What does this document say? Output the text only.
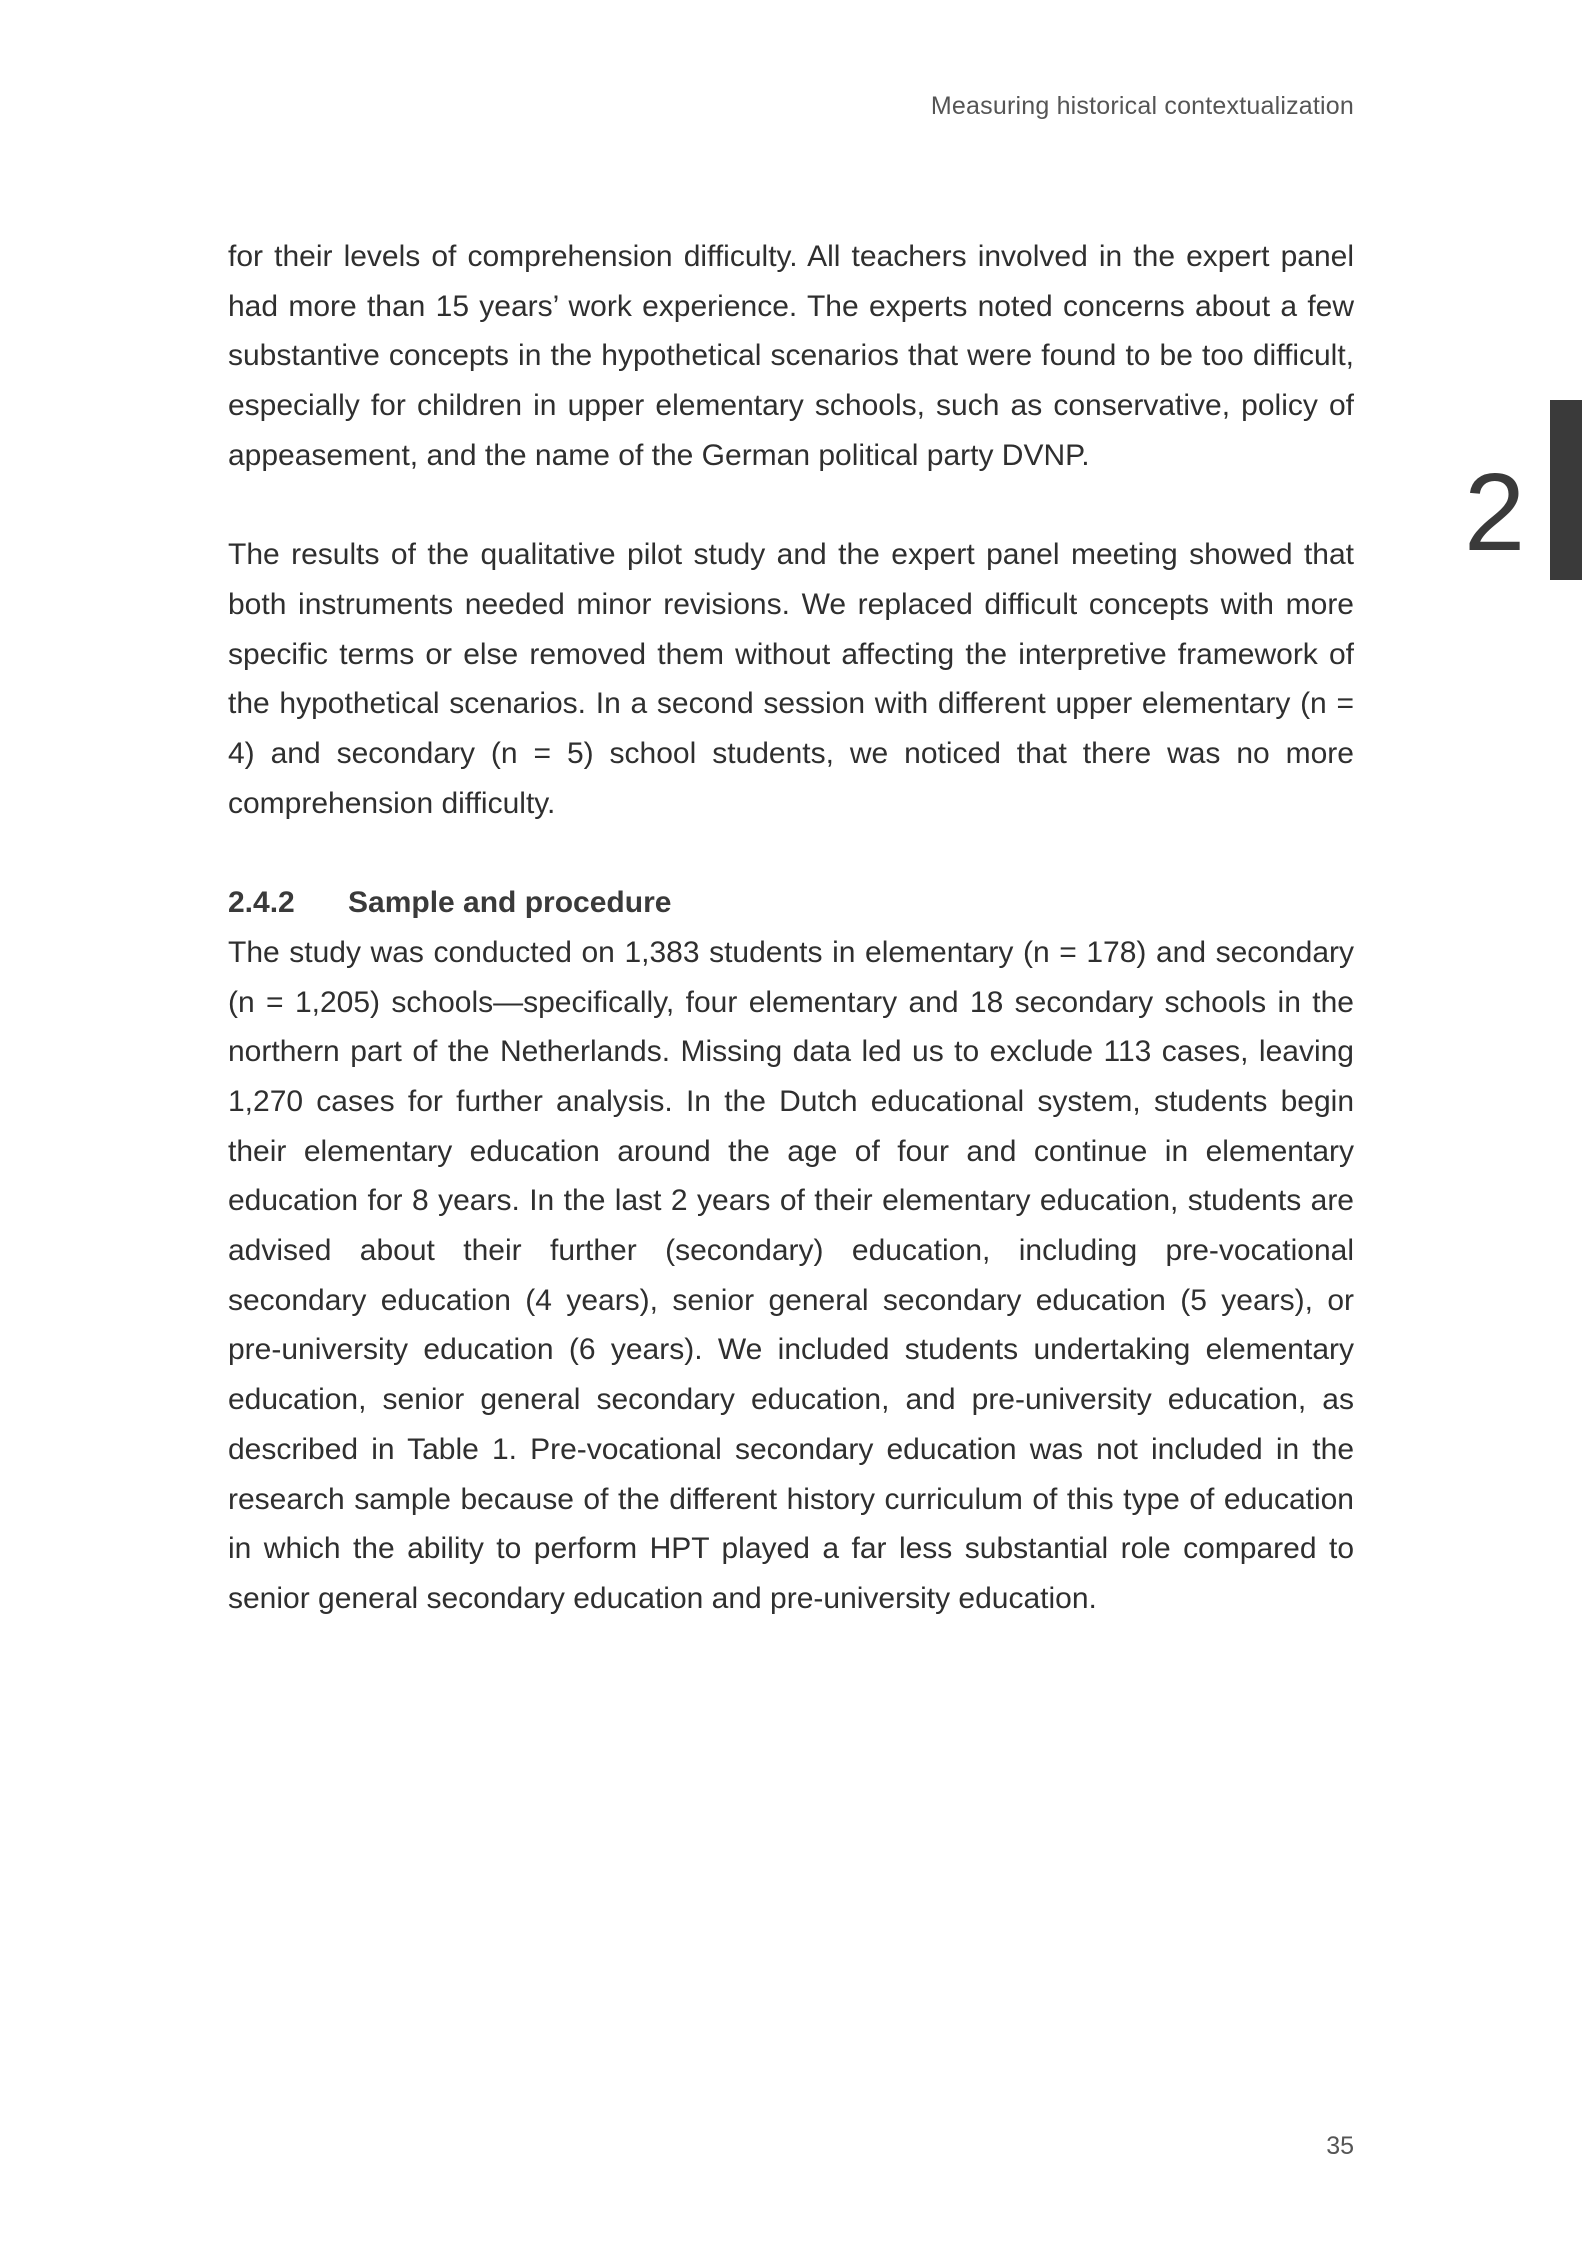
Measuring historical contextualization
2

for their levels of comprehension difficulty. All teachers involved in the expert panel had more than 15 years’ work experience. The experts noted concerns about a few substantive concepts in the hypothetical scenarios that were found to be too difficult, especially for children in upper elementary schools, such as conservative, policy of appeasement, and the name of the German political party DVNP.

The results of the qualitative pilot study and the expert panel meeting showed that both instruments needed minor revisions. We replaced difficult concepts with more specific terms or else removed them without affecting the interpretive framework of the hypothetical scenarios. In a second session with different upper elementary (n = 4) and secondary (n = 5) school students, we noticed that there was no more comprehension difficulty.

2.4.2 Sample and procedure

The study was conducted on 1,383 students in elementary (n = 178) and secondary (n = 1,205) schools—specifically, four elementary and 18 secondary schools in the northern part of the Netherlands. Missing data led us to exclude 113 cases, leaving 1,270 cases for further analysis. In the Dutch educational system, students begin their elementary education around the age of four and continue in elementary education for 8 years. In the last 2 years of their elementary education, students are advised about their further (secondary) education, including pre-vocational secondary education (4 years), senior general secondary education (5 years), or pre-university education (6 years). We included students undertaking elementary education, senior general secondary education, and pre-university education, as described in Table 1. Pre-vocational secondary education was not included in the research sample because of the different history curriculum of this type of education in which the ability to perform HPT played a far less substantial role compared to senior general secondary education and pre-university education.

35
